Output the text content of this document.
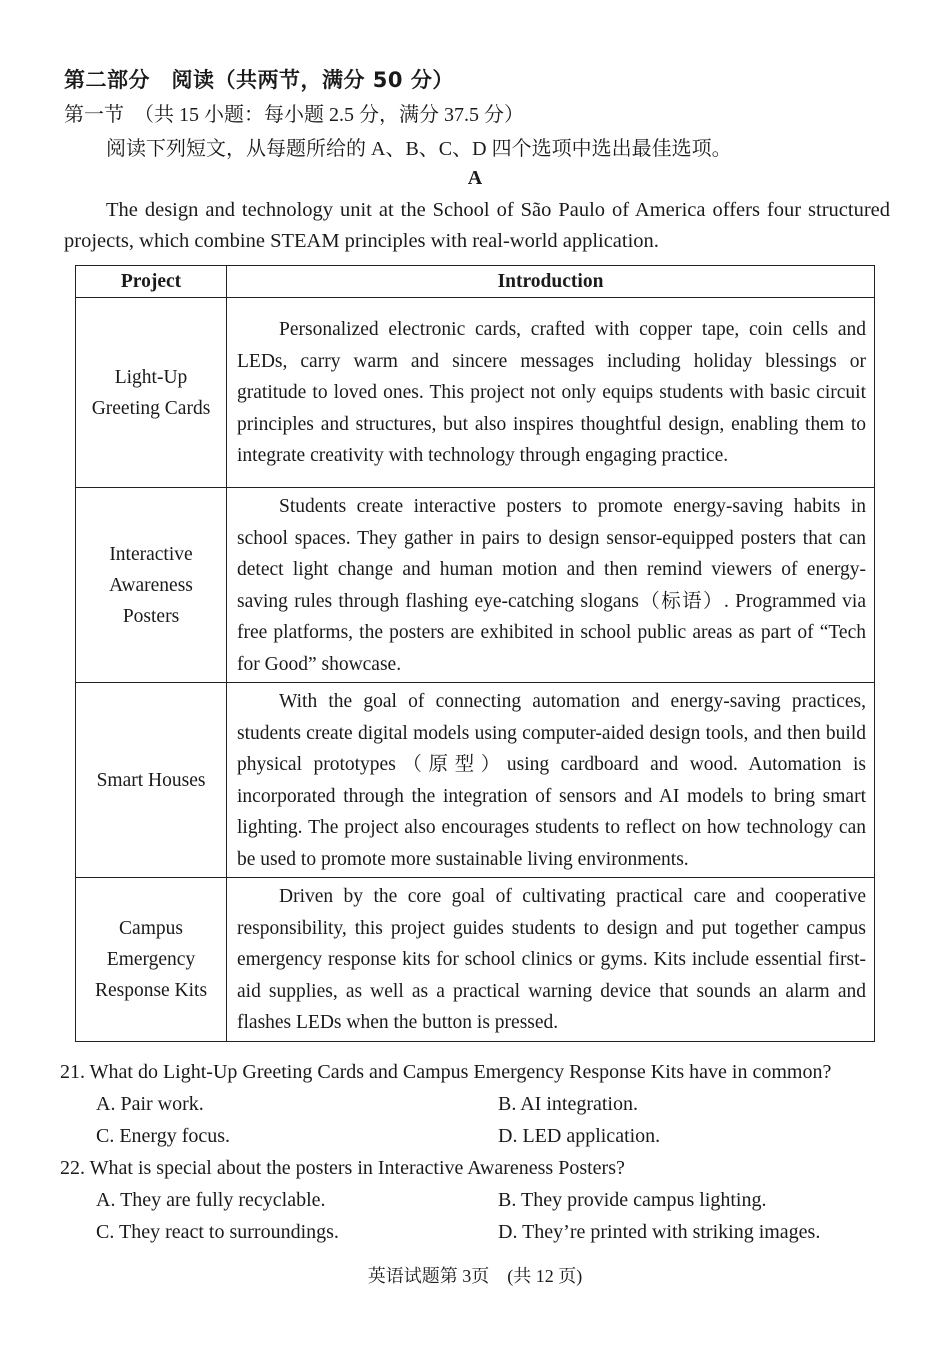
第二部分　阅读（共两节，满分 50 分）
第一节　（共 15 小题：每小题 2.5 分，满分 37.5 分）
阅读下列短文，从每题所给的 A、B、C、D 四个选项中选出最佳选项。
A
The design and technology unit at the School of São Paulo of America offers four structured projects, which combine STEAM principles with real-world application.
Project	Introduction
Light-Up Greeting Cards	Personalized electronic cards, crafted with copper tape, coin cells and LEDs, carry warm and sincere messages including holiday blessings or gratitude to loved ones. This project not only equips students with basic circuit principles and structures, but also inspires thoughtful design, enabling them to integrate creativity with technology through engaging practice.

Interactive Awareness Posters	Students create interactive posters to promote energy-saving habits in school spaces. They gather in pairs to design sensor-equipped posters that can detect light change and human motion and then remind viewers of energy-saving rules through flashing eye-catching slogans（标语）. Programmed via free platforms, the posters are exhibited in school public areas as part of “Tech for Good” showcase.

Smart Houses	With the goal of connecting automation and energy-saving practices, students create digital models using computer-aided design tools, and then build physical prototypes（原型）using cardboard and wood. Automation is incorporated through the integration of sensors and AI models to bring smart lighting. The project also encourages students to reflect on how technology can be used to promote more sustainable living environments.

Campus Emergency Response Kits	Driven by the core goal of cultivating practical care and cooperative responsibility, this project guides students to design and put together campus emergency response kits for school clinics or gyms. Kits include essential first-aid supplies, as well as a practical warning device that sounds an alarm and flashes LEDs when the button is pressed.
21. What do Light-Up Greeting Cards and Campus Emergency Response Kits have in common?
A. Pair work.	B. AI integration.
C. Energy focus.	D. LED application.
22. What is special about the posters in Interactive Awareness Posters?
A. They are fully recyclable.	B. They provide campus lighting.
C. They react to surroundings.	D. They’re printed with striking images.
英语试题第 3页　(共 12 页)
